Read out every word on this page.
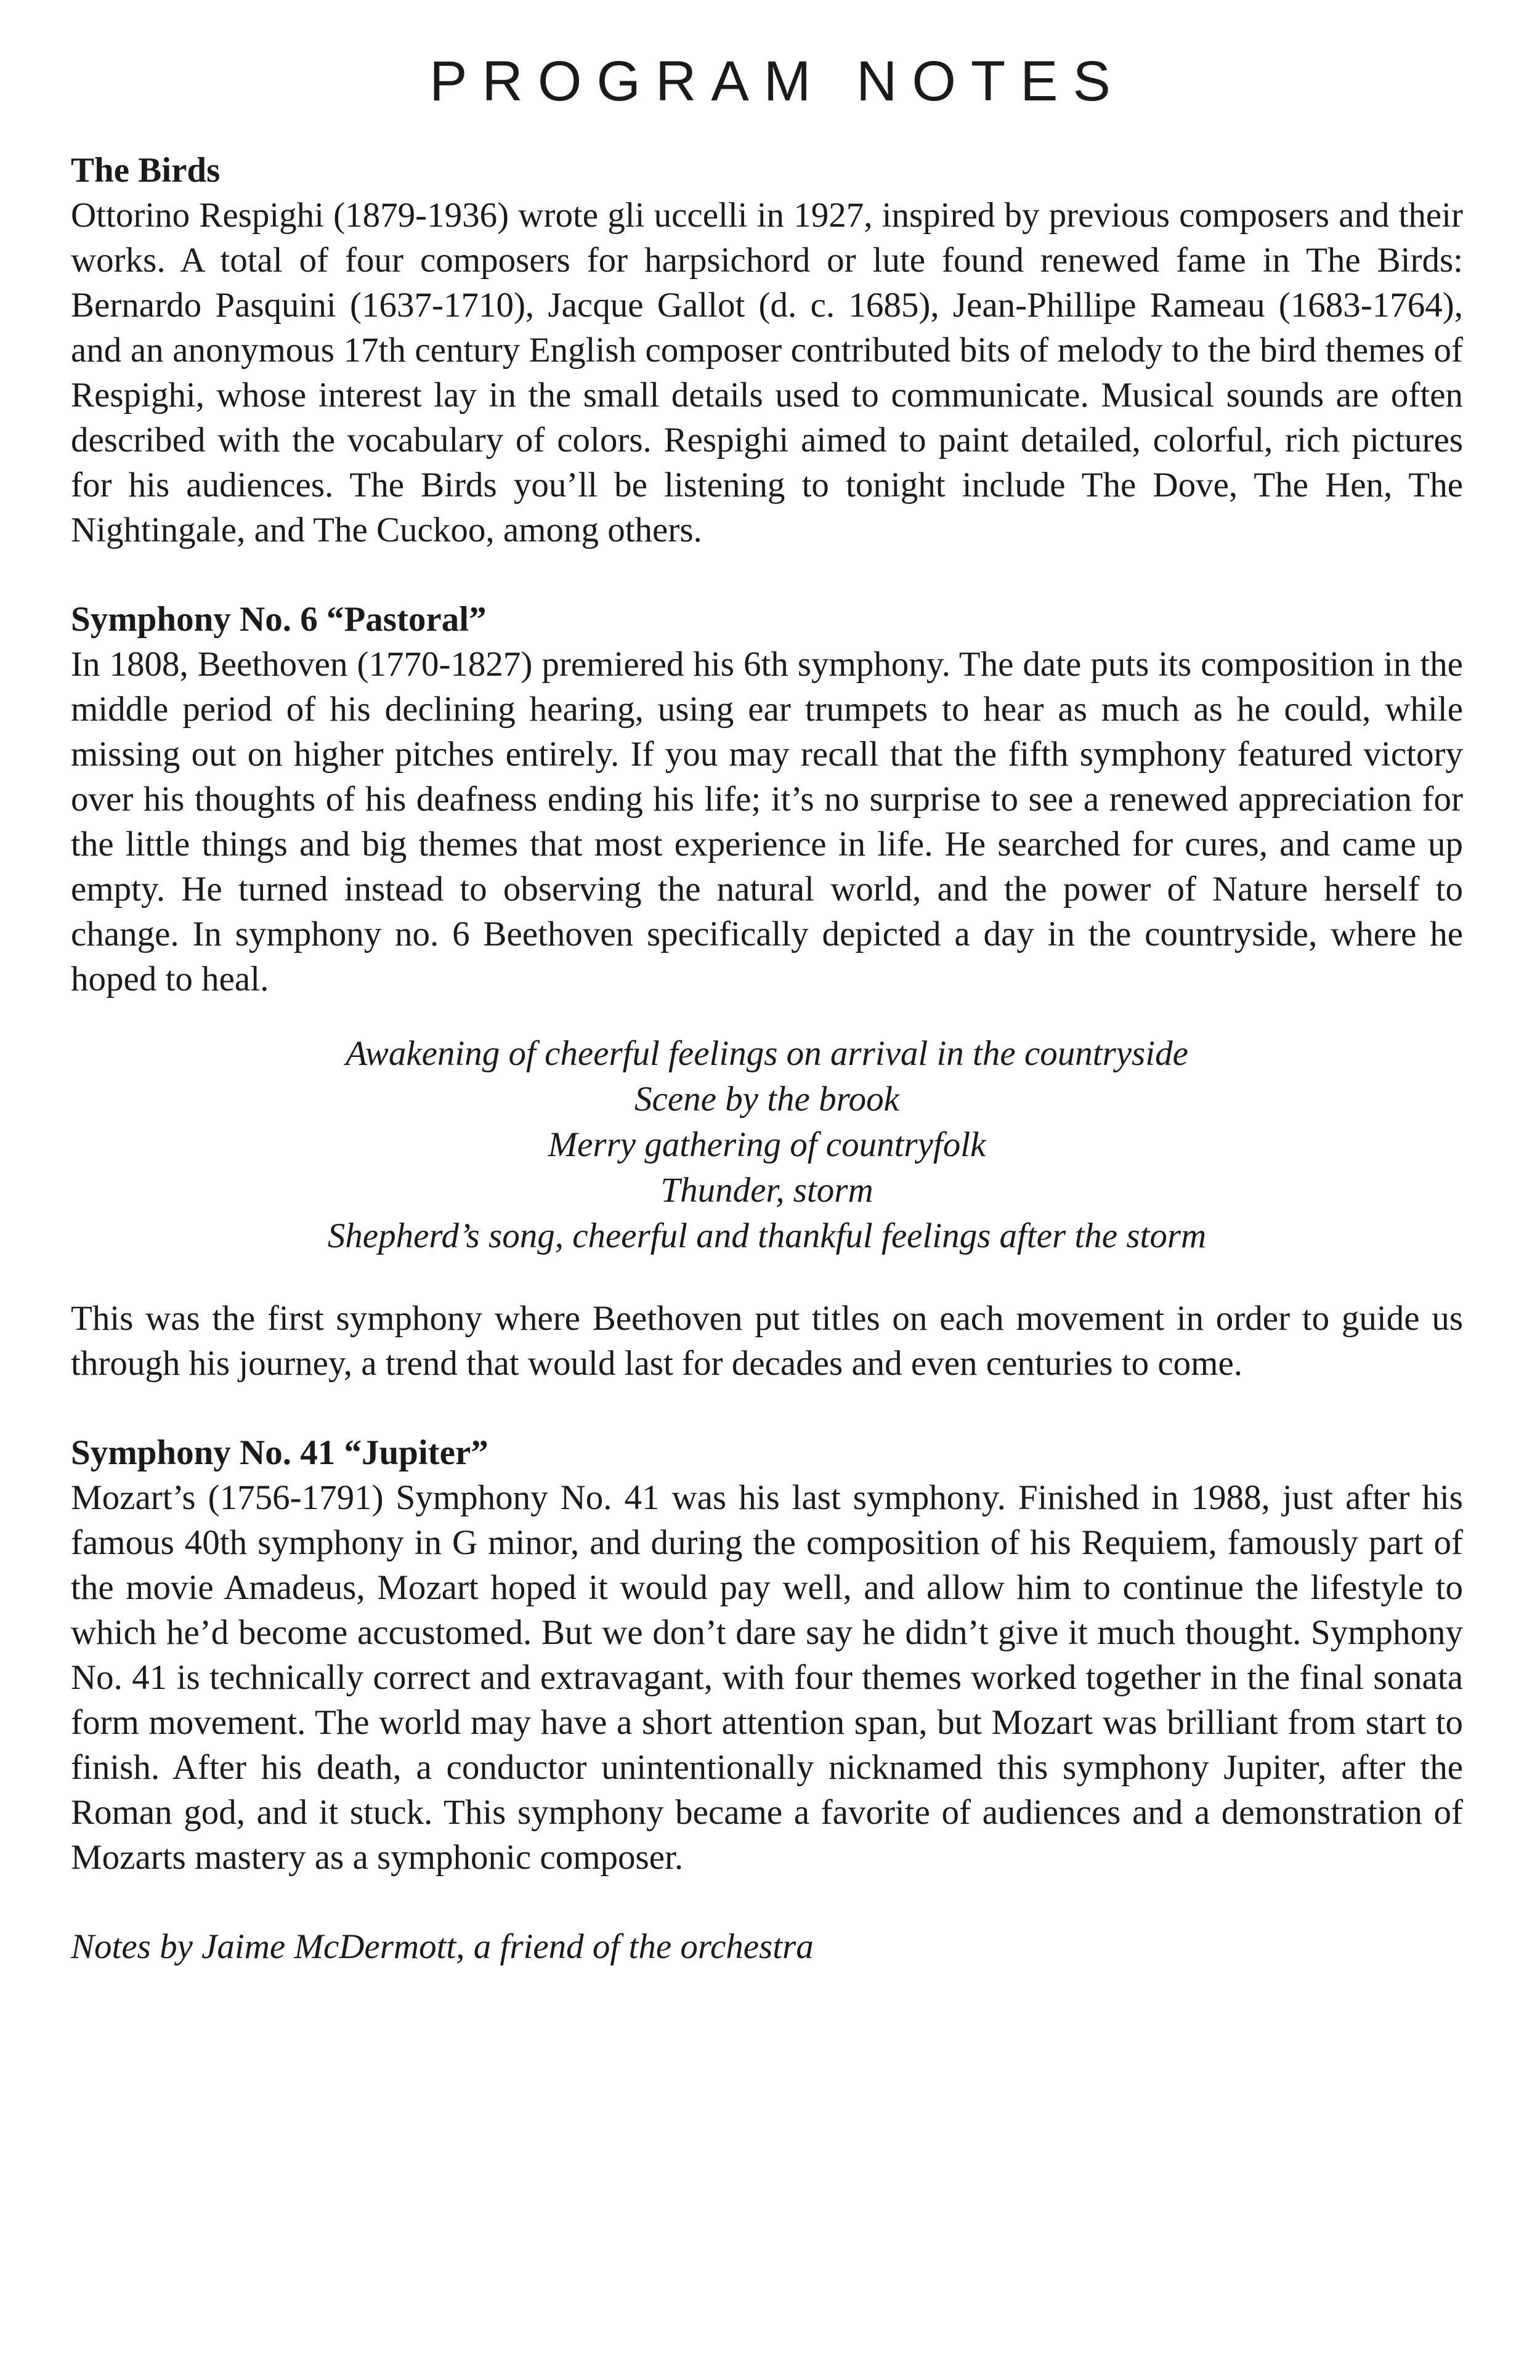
PROGRAM NOTES
The Birds

Ottorino Respighi (1879-1936) wrote gli uccelli in 1927, inspired by previous composers and their works. A total of four composers for harpsichord or lute found renewed fame in The Birds: Bernardo Pasquini (1637-1710), Jacque Gallot (d. c. 1685), Jean-Phillipe Rameau (1683-1764), and an anonymous 17th century English composer contributed bits of melody to the bird themes of Respighi, whose interest lay in the small details used to communicate. Musical sounds are often described with the vocabulary of colors. Respighi aimed to paint detailed, colorful, rich pictures for his audiences. The Birds you’ll be listening to tonight include The Dove, The Hen, The Nightingale, and The Cuckoo, among others.

Symphony No. 6 “Pastoral”

In 1808, Beethoven (1770-1827) premiered his 6th symphony. The date puts its composition in the middle period of his declining hearing, using ear trumpets to hear as much as he could, while missing out on higher pitches entirely. If you may recall that the fifth symphony featured victory over his thoughts of his deafness ending his life; it’s no surprise to see a renewed appreciation for the little things and big themes that most experience in life. He searched for cures, and came up empty. He turned instead to observing the natural world, and the power of Nature herself to change. In symphony no. 6 Beethoven specifically depicted a day in the countryside, where he hoped to heal.

Awakening of cheerful feelings on arrival in the countryside
Scene by the brook
Merry gathering of countryfolk
Thunder, storm
Shepherd’s song, cheerful and thankful feelings after the storm

This was the first symphony where Beethoven put titles on each movement in order to guide us through his journey, a trend that would last for decades and even centuries to come.

Symphony No. 41 “Jupiter”

Mozart’s (1756-1791) Symphony No. 41 was his last symphony. Finished in 1988, just after his famous 40th symphony in G minor, and during the composition of his Requiem, famously part of the movie Amadeus, Mozart hoped it would pay well, and allow him to continue the lifestyle to which he’d become accustomed. But we don’t dare say he didn’t give it much thought. Symphony No. 41 is technically correct and extravagant, with four themes worked together in the final sonata form movement. The world may have a short attention span, but Mozart was brilliant from start to finish. After his death, a conductor unintentionally nicknamed this symphony Jupiter, after the Roman god, and it stuck. This symphony became a favorite of audiences and a demonstration of Mozarts mastery as a symphonic composer.

Notes by Jaime McDermott, a friend of the orchestra
